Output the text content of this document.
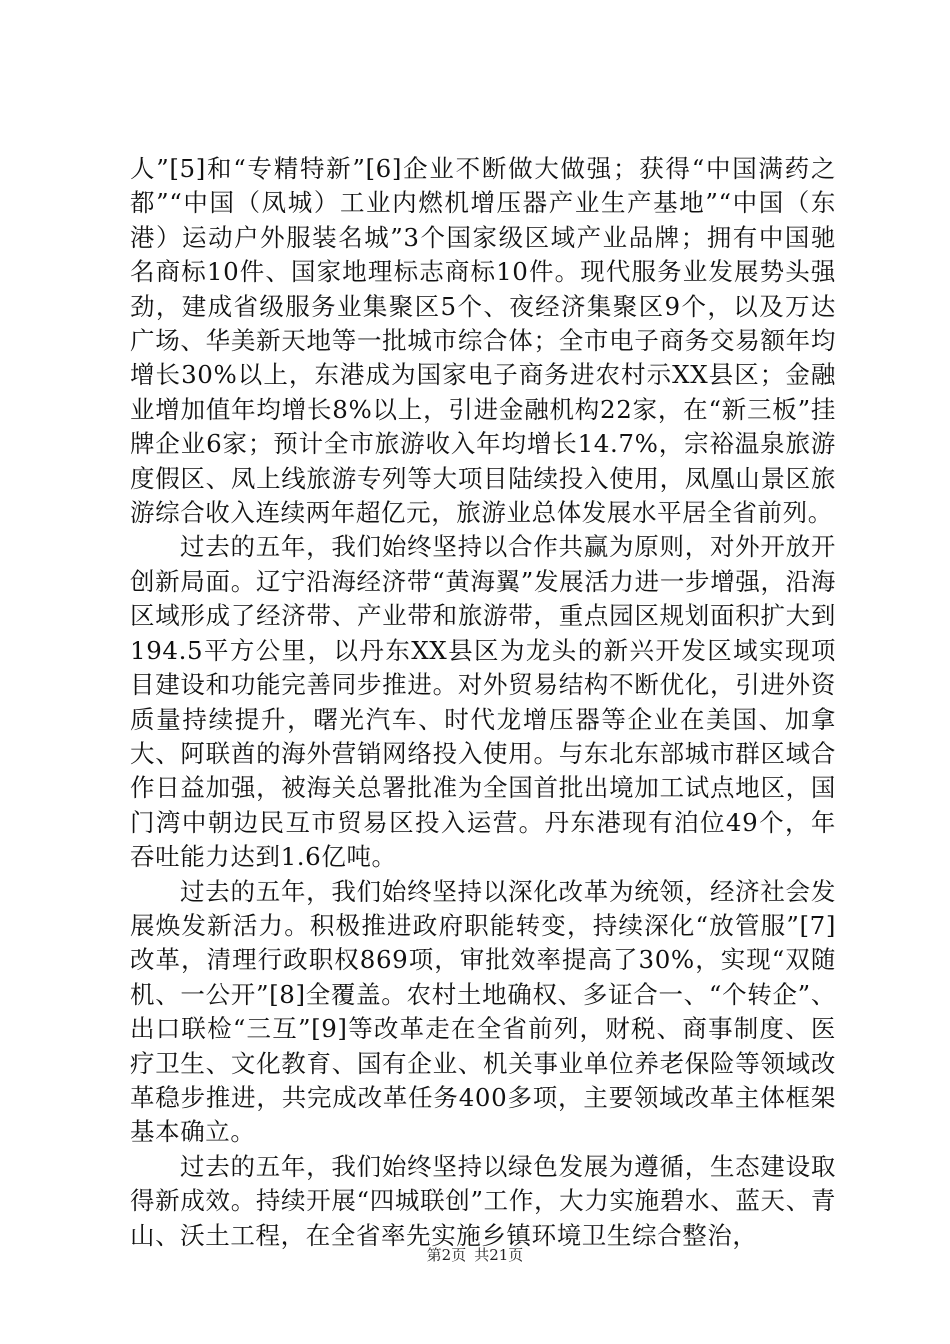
人”[5]和“专精特新”[6]企业不断做大做强；获得“中国满药之都”“中国（凤城）工业内燃机增压器产业生产基地”“中国（东港）运动户外服装名城”3个国家级区域产业品牌；拥有中国驰名商标10件、国家地理标志商标10件。现代服务业发展势头强劲，建成省级服务业集聚区5个、夜经济集聚区9个，以及万达广场、华美新天地等一批城市综合体；全市电子商务交易额年均增长30%以上，东港成为国家电子商务进农村示XX县区；金融业增加值年均增长8%以上，引进金融机构22家，在“新三板”挂牌企业6家；预计全市旅游收入年均增长14.7%，宗裕温泉旅游度假区、凤上线旅游专列等大项目陆续投入使用，凤凰山景区旅游综合收入连续两年超亿元，旅游业总体发展水平居全省前列。

过去的五年，我们始终坚持以合作共赢为原则，对外开放开创新局面。辽宁沿海经济带“黄海翼”发展活力进一步增强，沿海区域形成了经济带、产业带和旅游带，重点园区规划面积扩大到194.5平方公里，以丹东XX县区为龙头的新兴开发区域实现项目建设和功能完善同步推进。对外贸易结构不断优化，引进外资质量持续提升，曙光汽车、时代龙增压器等企业在美国、加拿大、阿联酋的海外营销网络投入使用。与东北东部城市群区域合作日益加强，被海关总署批准为全国首批出境加工试点地区，国门湾中朝边民互市贸易区投入运营。丹东港现有泊位49个，年吞吐能力达到1.6亿吨。

过去的五年，我们始终坚持以深化改革为统领，经济社会发展焕发新活力。积极推进政府职能转变，持续深化“放管服”[7]改革，清理行政职权869项，审批效率提高了30%，实现“双随机、一公开”[8]全覆盖。农村土地确权、多证合一、“个转企”、出口联检“三互”[9]等改革走在全省前列，财税、商事制度、医疗卫生、文化教育、国有企业、机关事业单位养老保险等领域改革稳步推进，共完成改革任务400多项，主要领域改革主体框架基本确立。

过去的五年，我们始终坚持以绿色发展为遵循，生态建设取得新成效。持续开展“四城联创”工作，大力实施碧水、蓝天、青山、沃土工程，在全省率先实施乡镇环境卫生综合整治，

第2页 共21页
